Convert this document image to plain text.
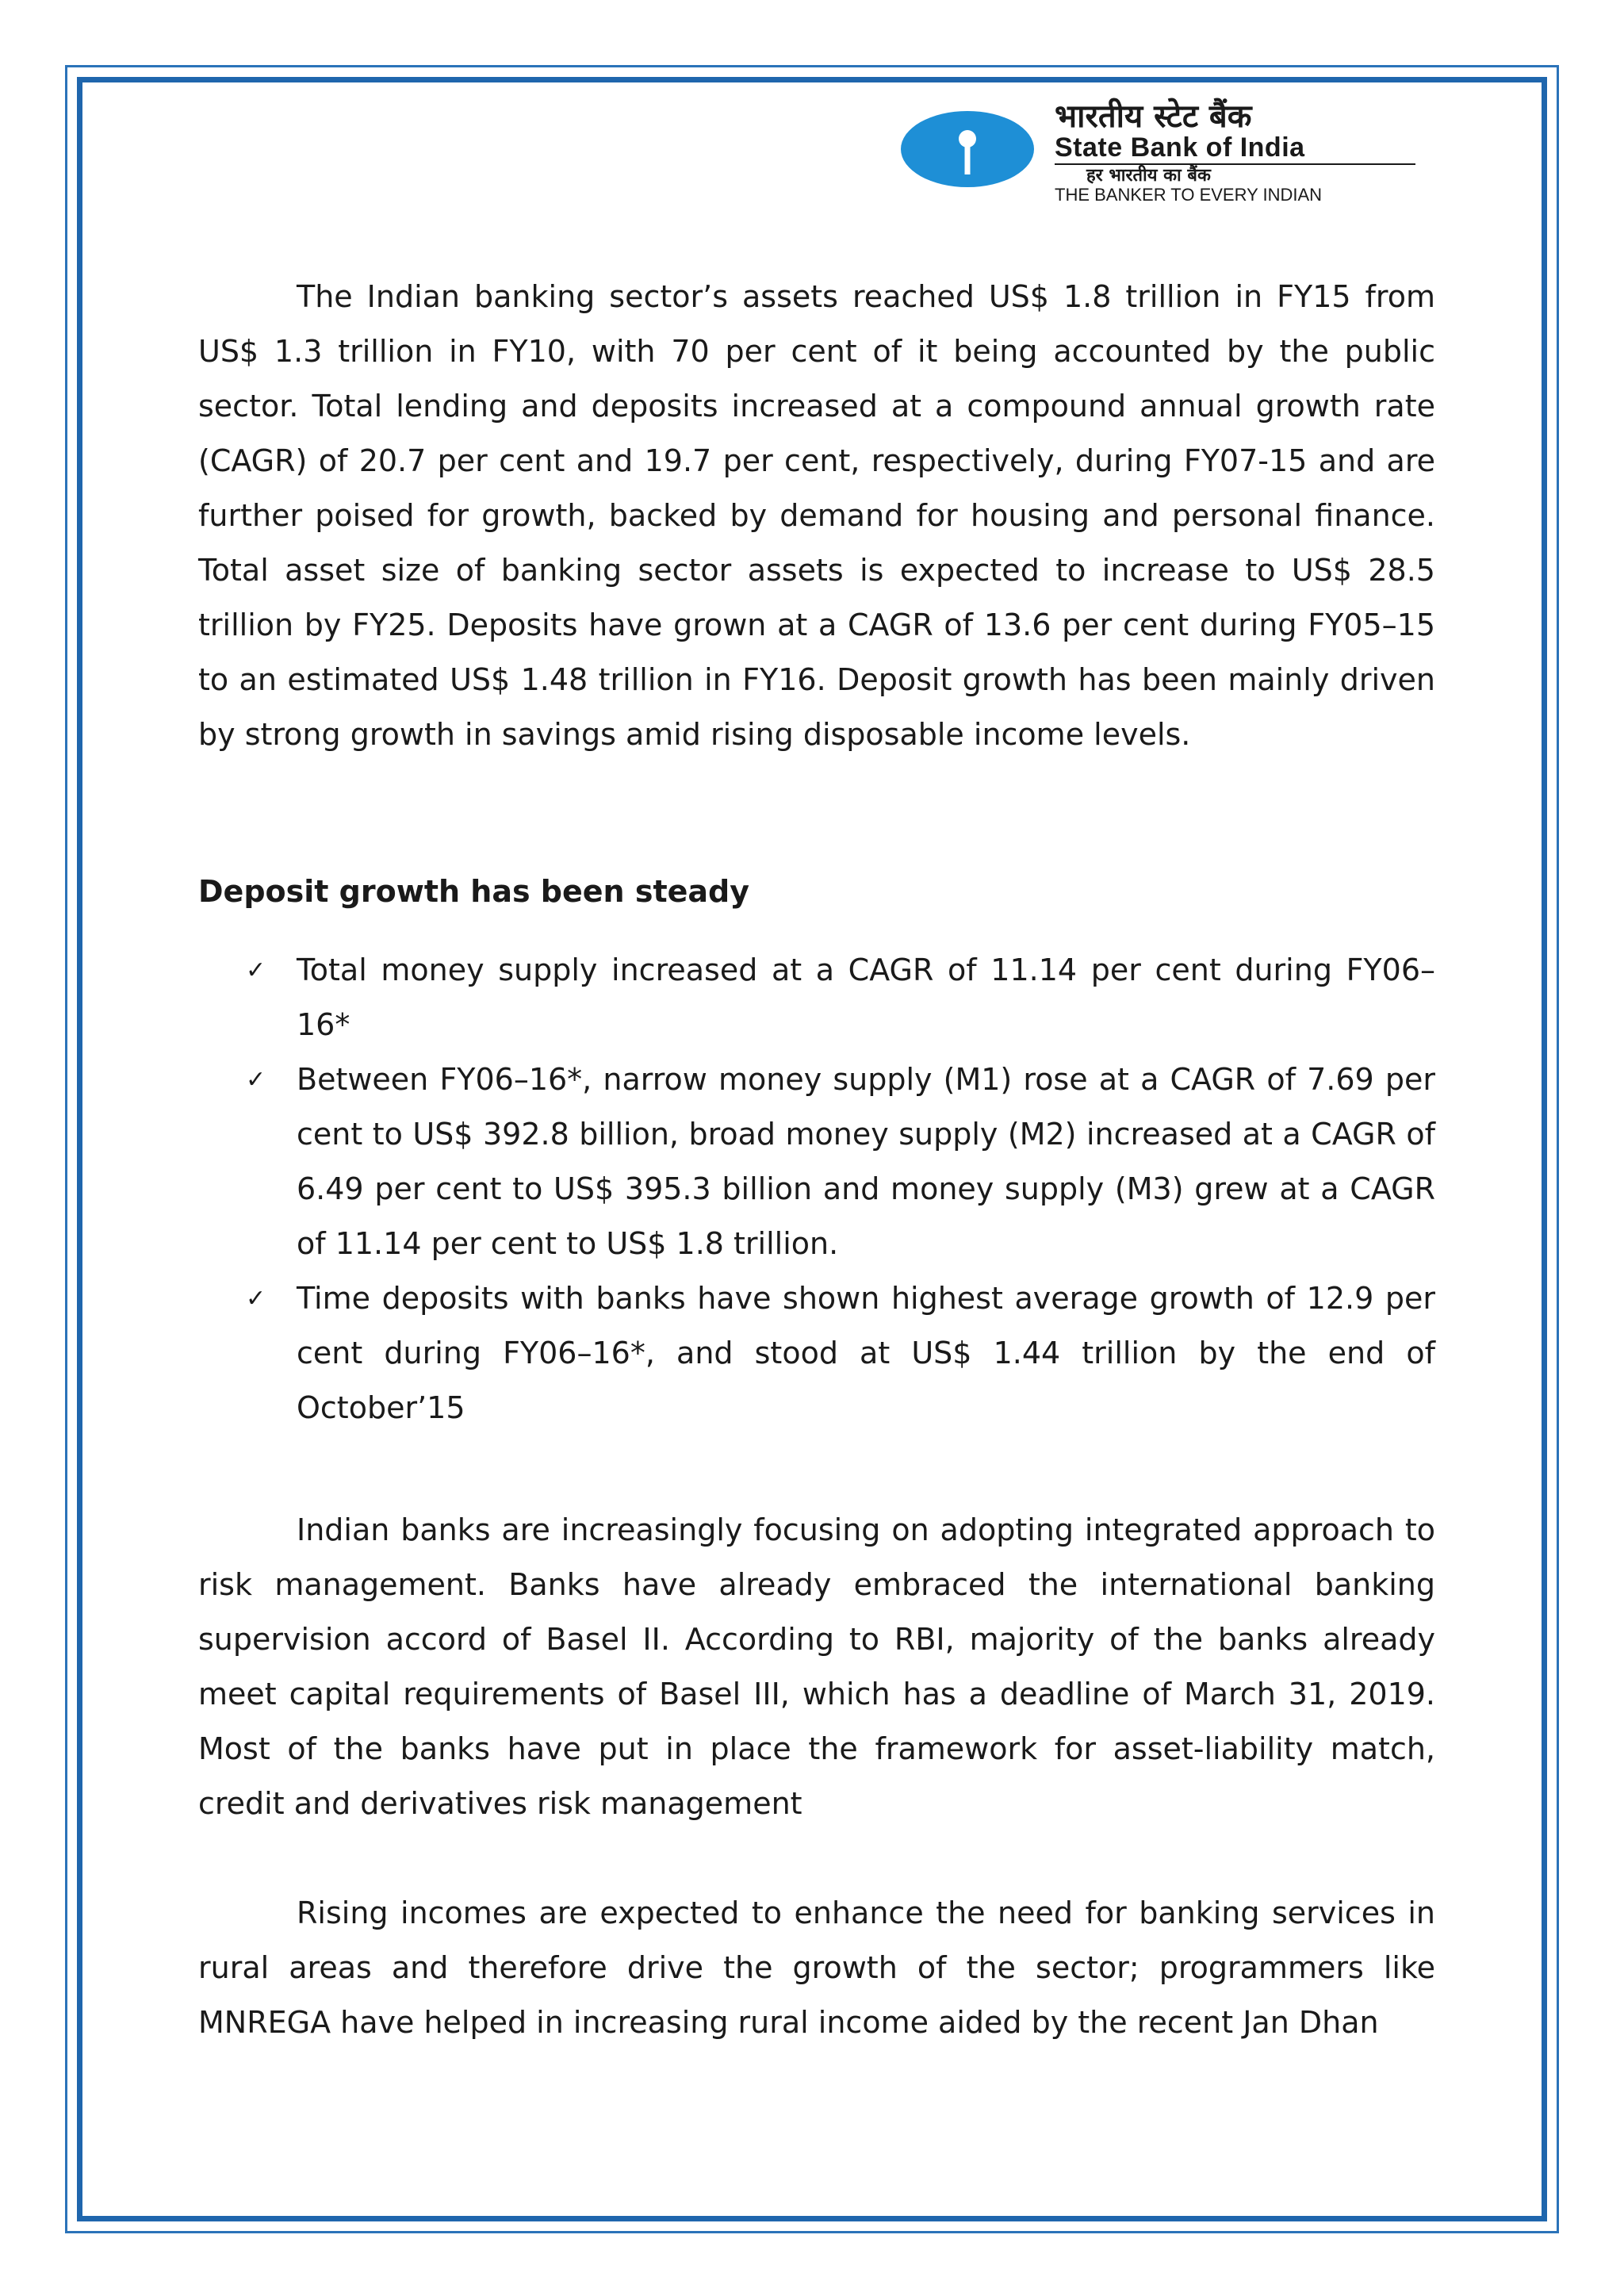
भारतीय स्टेट बैंक
State Bank of India
हर भारतीय का बैंक
THE BANKER TO EVERY INDIAN

The Indian banking sector’s assets reached US$ 1.8 trillion in FY15 from US$ 1.3 trillion in FY10, with 70 per cent of it being accounted by the public sector. Total lending and deposits increased at a compound annual growth rate (CAGR) of 20.7 per cent and 19.7 per cent, respectively, during FY07-15 and are further poised for growth, backed by demand for housing and personal finance. Total asset size of banking sector assets is expected to increase to US$ 28.5 trillion by FY25. Deposits have grown at a CAGR of 13.6 per cent during FY05–15 to an estimated US$ 1.48 trillion in FY16. Deposit growth has been mainly driven by strong growth in savings amid rising disposable income levels.

Deposit growth has been steady

✓ Total money supply increased at a CAGR of 11.14 per cent during FY06–16*
✓ Between FY06–16*, narrow money supply (M1) rose at a CAGR of 7.69 per cent to US$ 392.8 billion, broad money supply (M2) increased at a CAGR of 6.49 per cent to US$ 395.3 billion and money supply (M3) grew at a CAGR of 11.14 per cent to US$ 1.8 trillion.
✓ Time deposits with banks have shown highest average growth of 12.9 per cent during FY06–16*, and stood at US$ 1.44 trillion by the end of October’15

Indian banks are increasingly focusing on adopting integrated approach to risk management. Banks have already embraced the international banking supervision accord of Basel II. According to RBI, majority of the banks already meet capital requirements of Basel III, which has a deadline of March 31, 2019. Most of the banks have put in place the framework for asset-liability match, credit and derivatives risk management

Rising incomes are expected to enhance the need for banking services in rural areas and therefore drive the growth of the sector; programmers like MNREGA have helped in increasing rural income aided by the recent Jan Dhan
